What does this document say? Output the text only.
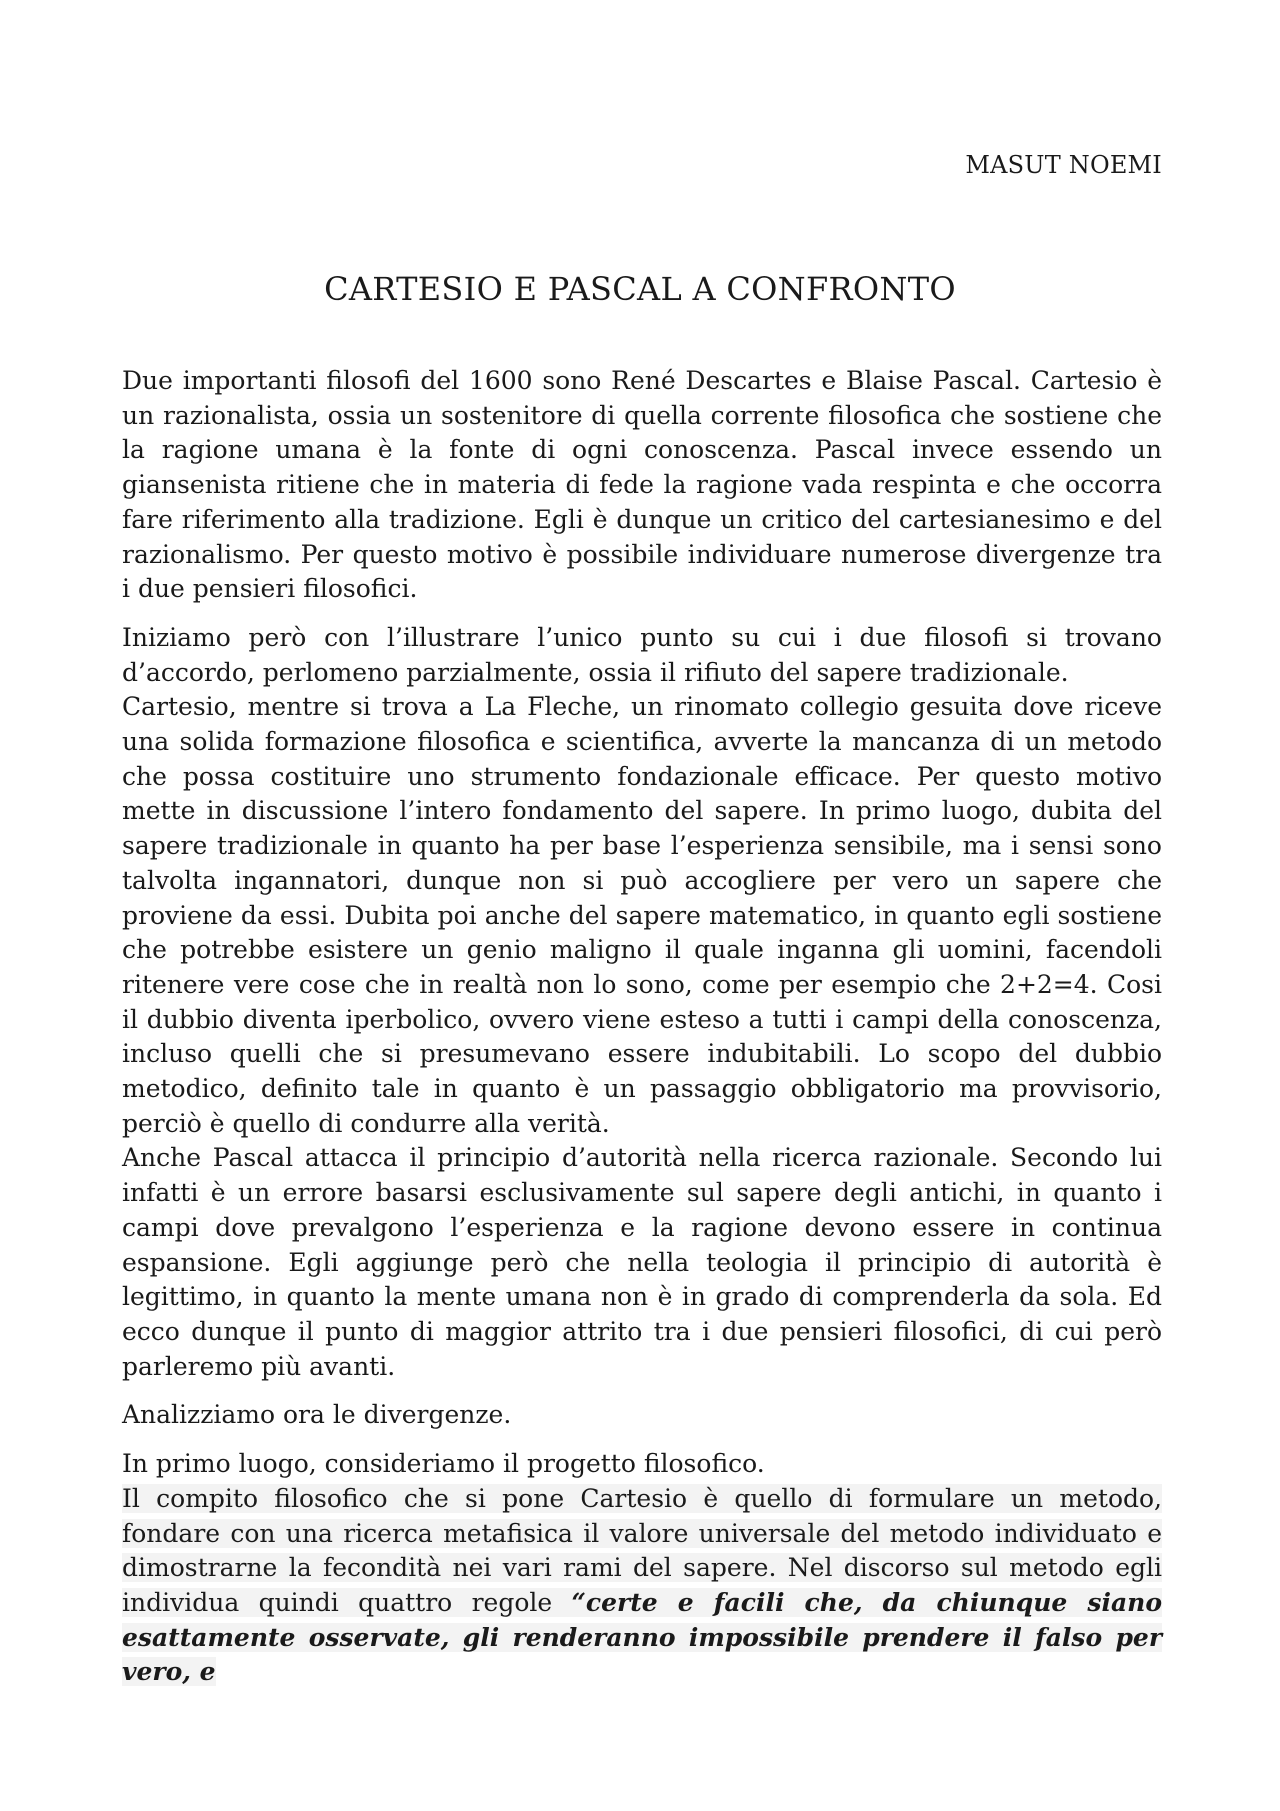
MASUT NOEMI
CARTESIO E PASCAL A CONFRONTO

Due importanti filosofi del 1600 sono René Descartes e Blaise Pascal. Cartesio è un razionalista, ossia un sostenitore di quella corrente filosofica che sostiene che la ragione umana è la fonte di ogni conoscenza. Pascal invece essendo un giansenista ritiene che in materia di fede la ragione vada respinta e che occorra fare riferimento alla tradizione. Egli è dunque un critico del cartesianesimo e del razionalismo. Per questo motivo è possibile individuare numerose divergenze tra i due pensieri filosofici.

Iniziamo però con l’illustrare l’unico punto su cui i due filosofi si trovano d’accordo, perlomeno parzialmente, ossia il rifiuto del sapere tradizionale.

Cartesio, mentre si trova a La Fleche, un rinomato collegio gesuita dove riceve una solida formazione filosofica e scientifica, avverte la mancanza di un metodo che possa costituire uno strumento fondazionale efficace. Per questo motivo mette in discussione l’intero fondamento del sapere. In primo luogo, dubita del sapere tradizionale in quanto ha per base l’esperienza sensibile, ma i sensi sono talvolta ingannatori, dunque non si può accogliere per vero un sapere che proviene da essi. Dubita poi anche del sapere matematico, in quanto egli sostiene che potrebbe esistere un genio maligno il quale inganna gli uomini, facendoli ritenere vere cose che in realtà non lo sono, come per esempio che 2+2=4. Cosi il dubbio diventa iperbolico, ovvero viene esteso a tutti i campi della conoscenza, incluso quelli che si presumevano essere indubitabili. Lo scopo del dubbio metodico, definito tale in quanto è un passaggio obbligatorio ma provvisorio, perciò è quello di condurre alla verità.

Anche Pascal attacca il principio d’autorità nella ricerca razionale. Secondo lui infatti è un errore basarsi esclusivamente sul sapere degli antichi, in quanto i campi dove prevalgono l’esperienza e la ragione devono essere in continua espansione. Egli aggiunge però che nella teologia il principio di autorità è legittimo, in quanto la mente umana non è in grado di comprenderla da sola. Ed ecco dunque il punto di maggior attrito tra i due pensieri filosofici, di cui però parleremo più avanti.

Analizziamo ora le divergenze.

In primo luogo, consideriamo il progetto filosofico.

Il compito filosofico che si pone Cartesio è quello di formulare un metodo, fondare con una ricerca metafisica il valore universale del metodo individuato e dimostrarne la fecondità nei vari rami del sapere. Nel discorso sul metodo egli individua quindi quattro regole “certe e facili che, da chiunque siano esattamente osservate, gli renderanno impossibile prendere il falso per vero, e
